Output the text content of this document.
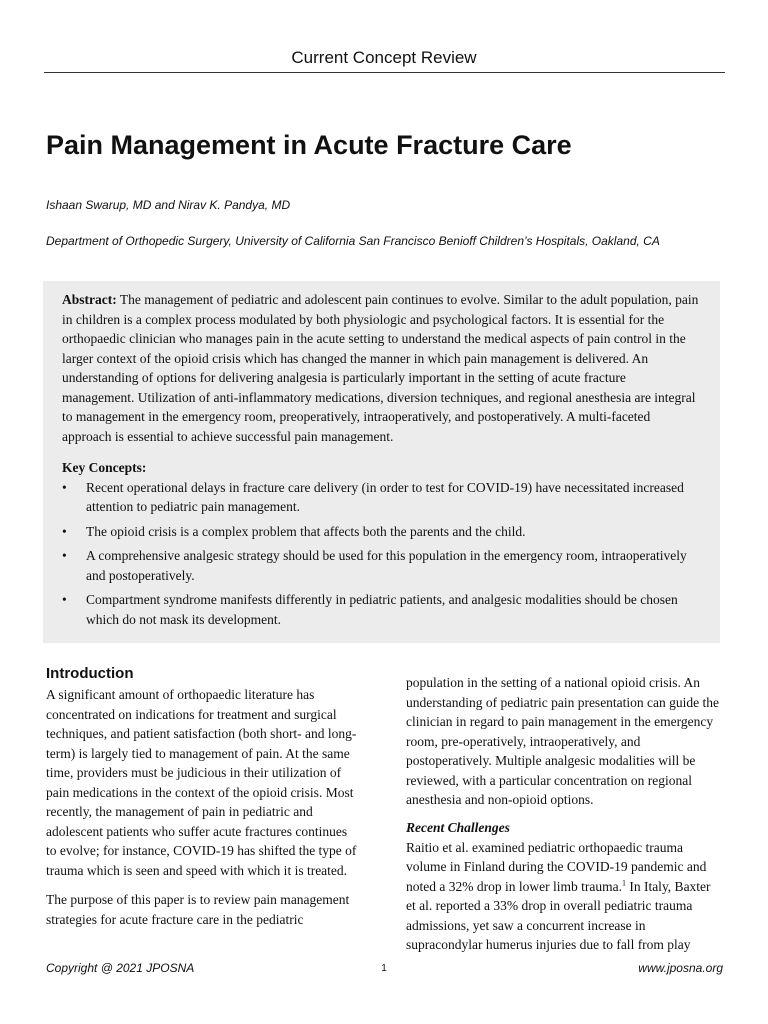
Current Concept Review
Pain Management in Acute Fracture Care
Ishaan Swarup, MD and Nirav K. Pandya, MD
Department of Orthopedic Surgery, University of California San Francisco Benioff Children’s Hospitals, Oakland, CA

Abstract: The management of pediatric and adolescent pain continues to evolve. Similar to the adult population, pain in children is a complex process modulated by both physiologic and psychological factors. It is essential for the orthopaedic clinician who manages pain in the acute setting to understand the medical aspects of pain control in the larger context of the opioid crisis which has changed the manner in which pain management is delivered. An understanding of options for delivering analgesia is particularly important in the setting of acute fracture management. Utilization of anti-inflammatory medications, diversion techniques, and regional anesthesia are integral to management in the emergency room, preoperatively, intraoperatively, and postoperatively. A multi-faceted approach is essential to achieve successful pain management.

Key Concepts:
• Recent operational delays in fracture care delivery (in order to test for COVID-19) have necessitated increased attention to pediatric pain management.
• The opioid crisis is a complex problem that affects both the parents and the child.
• A comprehensive analgesic strategy should be used for this population in the emergency room, intraoperatively and postoperatively.
• Compartment syndrome manifests differently in pediatric patients, and analgesic modalities should be chosen which do not mask its development.
Introduction

A significant amount of orthopaedic literature has concentrated on indications for treatment and surgical techniques, and patient satisfaction (both short- and long-term) is largely tied to management of pain. At the same time, providers must be judicious in their utilization of pain medications in the context of the opioid crisis. Most recently, the management of pain in pediatric and adolescent patients who suffer acute fractures continues to evolve; for instance, COVID-19 has shifted the type of trauma which is seen and speed with which it is treated.

The purpose of this paper is to review pain management strategies for acute fracture care in the pediatric

population in the setting of a national opioid crisis. An understanding of pediatric pain presentation can guide the clinician in regard to pain management in the emergency room, pre-operatively, intraoperatively, and postoperatively. Multiple analgesic modalities will be reviewed, with a particular concentration on regional anesthesia and non-opioid options.

Recent Challenges

Raitio et al. examined pediatric orthopaedic trauma volume in Finland during the COVID-19 pandemic and noted a 32% drop in lower limb trauma.$^1$ In Italy, Baxter et al. reported a 33% drop in overall pediatric trauma admissions, yet saw a concurrent increase in supracondylar humerus injuries due to fall from play

Copyright @ 2021 JPOSNA	1	www.jposna.org
